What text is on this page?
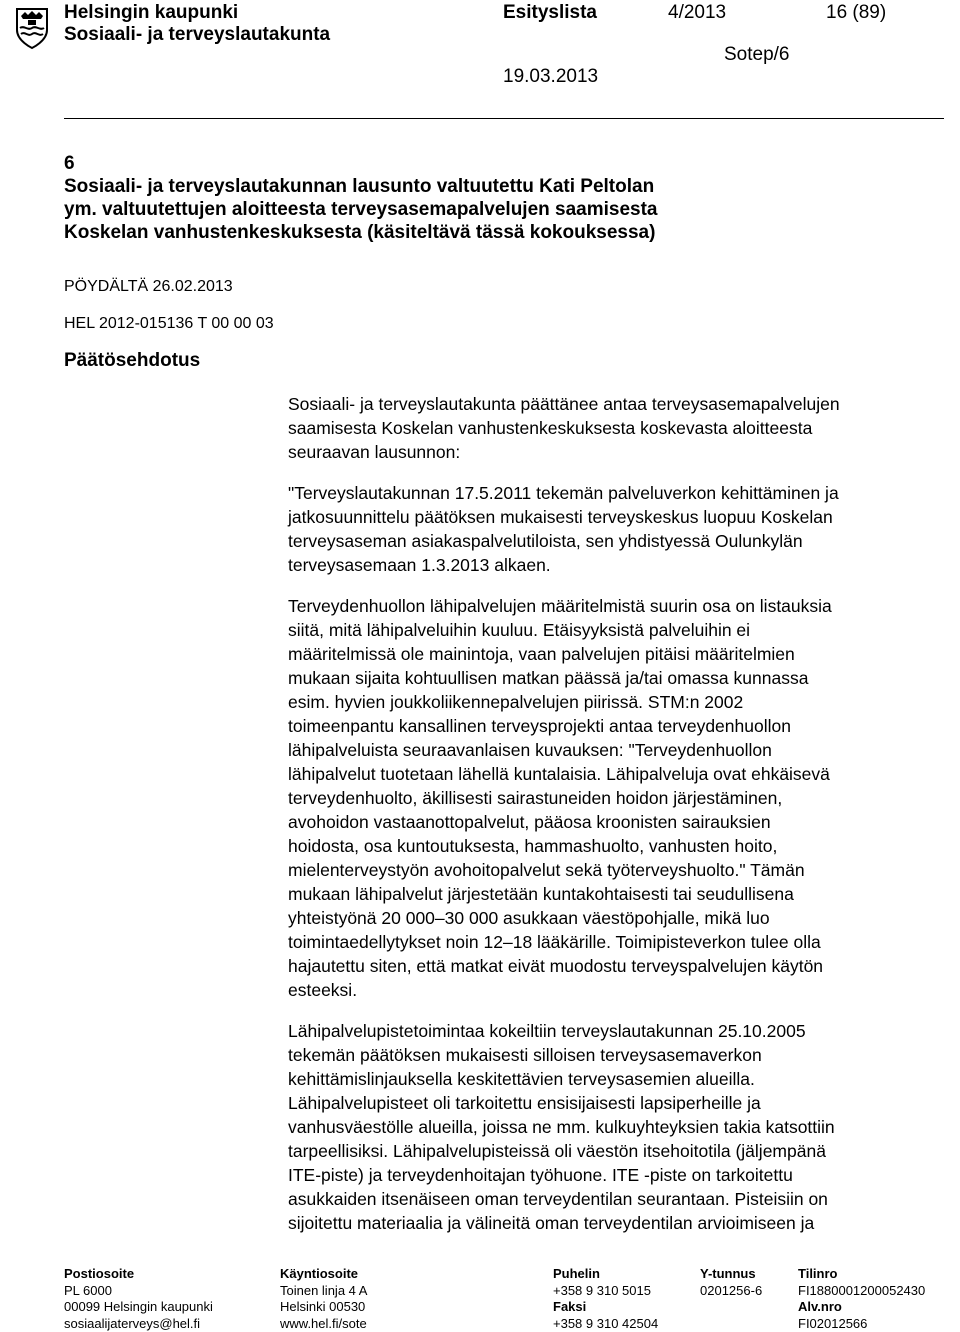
Helsingin kaupunki
Sosiaali- ja terveyslautakunta
Esityslista	4/2013	16 (89)
Sotep/6
19.03.2013
6
Sosiaali- ja terveyslautakunnan lausunto valtuutettu Kati Peltolan
ym. valtuutettujen aloitteesta terveysasemapalvelujen saamisesta
Koskelan vanhustenkeskuksesta (käsiteltävä tässä kokouksessa)
PÖYDÄLTÄ 26.02.2013
HEL 2012-015136 T 00 00 03
Päätösehdotus

Sosiaali- ja terveyslautakunta päättänee antaa terveysasemapalvelujen
saamisesta Koskelan vanhustenkeskuksesta koskevasta aloitteesta
seuraavan lausunnon:

"Terveyslautakunnan 17.5.2011 tekemän palveluverkon kehittäminen ja
jatkosuunnittelu päätöksen mukaisesti terveyskeskus luopuu Koskelan
terveysaseman asiakaspalvelutiloista, sen yhdistyessä Oulunkylän
terveysasemaan 1.3.2013 alkaen.

Terveydenhuollon lähipalvelujen määritelmistä suurin osa on listauksia
siitä, mitä lähipalveluihin kuuluu. Etäisyyksistä palveluihin ei
määritelmissä ole mainintoja, vaan palvelujen pitäisi määritelmien
mukaan sijaita kohtuullisen matkan päässä ja/tai omassa kunnassa
esim. hyvien joukkoliikennepalvelujen piirissä. STM:n 2002
toimeenpantu kansallinen terveysprojekti antaa terveydenhuollon
lähipalveluista seuraavanlaisen kuvauksen: "Terveydenhuollon
lähipalvelut tuotetaan lähellä kuntalaisia. Lähipalveluja ovat ehkäisevä
terveydenhuolto, äkillisesti sairastuneiden hoidon järjestäminen,
avohoidon vastaanottopalvelut, pääosa kroonisten sairauksien
hoidosta, osa kuntoutuksesta, hammashuolto, vanhusten hoito,
mielenterveystyön avohoitopalvelut sekä työterveyshuolto." Tämän
mukaan lähipalvelut järjestetään kuntakohtaisesti tai seudullisena
yhteistyönä 20 000–30 000 asukkaan väestöpohjalle, mikä luo
toimintaedellytykset noin 12–18 lääkärille. Toimipisteverkon tulee olla
hajautettu siten, että matkat eivät muodostu terveyspalvelujen käytön
esteeksi.

Lähipalvelupistetoimintaa kokeiltiin terveyslautakunnan 25.10.2005
tekemän päätöksen mukaisesti silloisen terveysasemaverkon
kehittämislinjauksella keskitettävien terveysasemien alueilla.
Lähipalvelupisteet oli tarkoitettu ensisijaisesti lapsiperheille ja
vanhusväestölle alueilla, joissa ne mm. kulkuyhteyksien takia katsottiin
tarpeellisiksi. Lähipalvelupisteissä oli väestön itsehoitotila (jäljempänä
ITE-piste) ja terveydenhoitajan työhuone. ITE -piste on tarkoitettu
asukkaiden itsenäiseen oman terveydentilan seurantaan. Pisteisiin on
sijoitettu materiaalia ja välineitä oman terveydentilan arvioimiseen ja

Postiosoite
PL 6000
00099 Helsingin kaupunki
sosiaalijaterveys@hel.fi
Käyntiosoite
Toinen linja 4 A
Helsinki 00530
www.hel.fi/sote
Puhelin
+358 9 310 5015
Faksi
+358 9 310 42504
Y-tunnus
0201256-6
Tilinro
FI1880001200052430
Alv.nro
FI02012566
